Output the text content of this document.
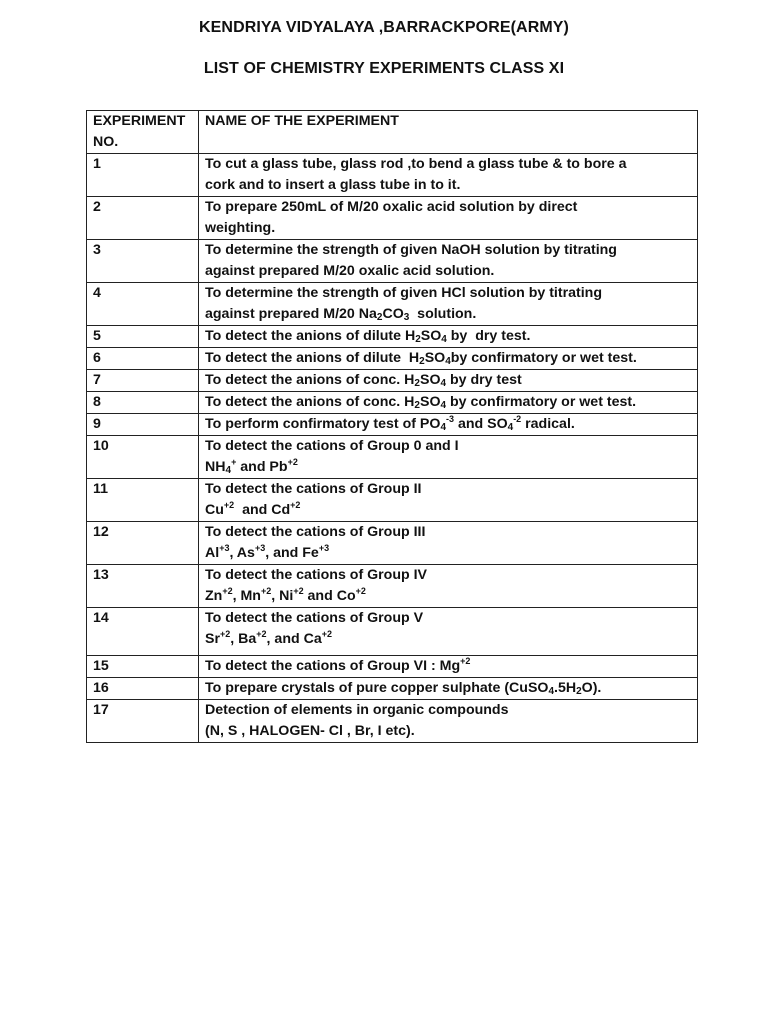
KENDRIYA VIDYALAYA ,BARRACKPORE(ARMY)
LIST OF CHEMISTRY EXPERIMENTS CLASS XI
EXPERIMENT
NO.	NAME OF THE EXPERIMENT
1	To cut a glass tube, glass rod ,to bend a glass tube & to bore a
cork and to insert a glass tube in to it.
2	To prepare 250mL of M/20 oxalic acid solution by direct
weighting.
3	To determine the strength of given NaOH solution by titrating
against prepared M/20 oxalic acid solution.
4	To determine the strength of given HCl solution by titrating
against prepared M/20 $Na_2CO_3$  solution.
5	To detect the anions of dilute $H_2SO_4$ by  dry test.
6	To detect the anions of dilute  $H_2SO_4by$ confirmatory or wet test.
7	To detect the anions of conc. $H_2SO_4$ by dry test
8	To detect the anions of conc. $H_2SO_4$ by confirmatory or wet test.
9	To perform confirmatory test of $PO_4^{-3}$ and $SO_4^{-2}$ radical.
10	To detect the cations of Group 0 and I
$NH_4^+$ and $Pb^{+2}$
11	To detect the cations of Group II
$Cu^{+2}$  and $Cd^{+2}$
12	To detect the cations of Group III
$Al^{+3}$, $As^{+3}$, and $Fe^{+3}$
13	To detect the cations of Group IV
$Zn^{+2}$, $Mn^{+2}$, $Ni^{+2}$ and $Co^{+2}$
14	To detect the cations of Group V
$Sr^{+2}$, $Ba^{+2}$, and $Ca^{+2}$
15	To detect the cations of Group VI : $Mg^{+2}$
16	To prepare crystals of pure copper sulphate $(CuSO_4.5H_2O)$.
17	Detection of elements in organic compounds
(N, S , HALOGEN- Cl , Br, I etc).
